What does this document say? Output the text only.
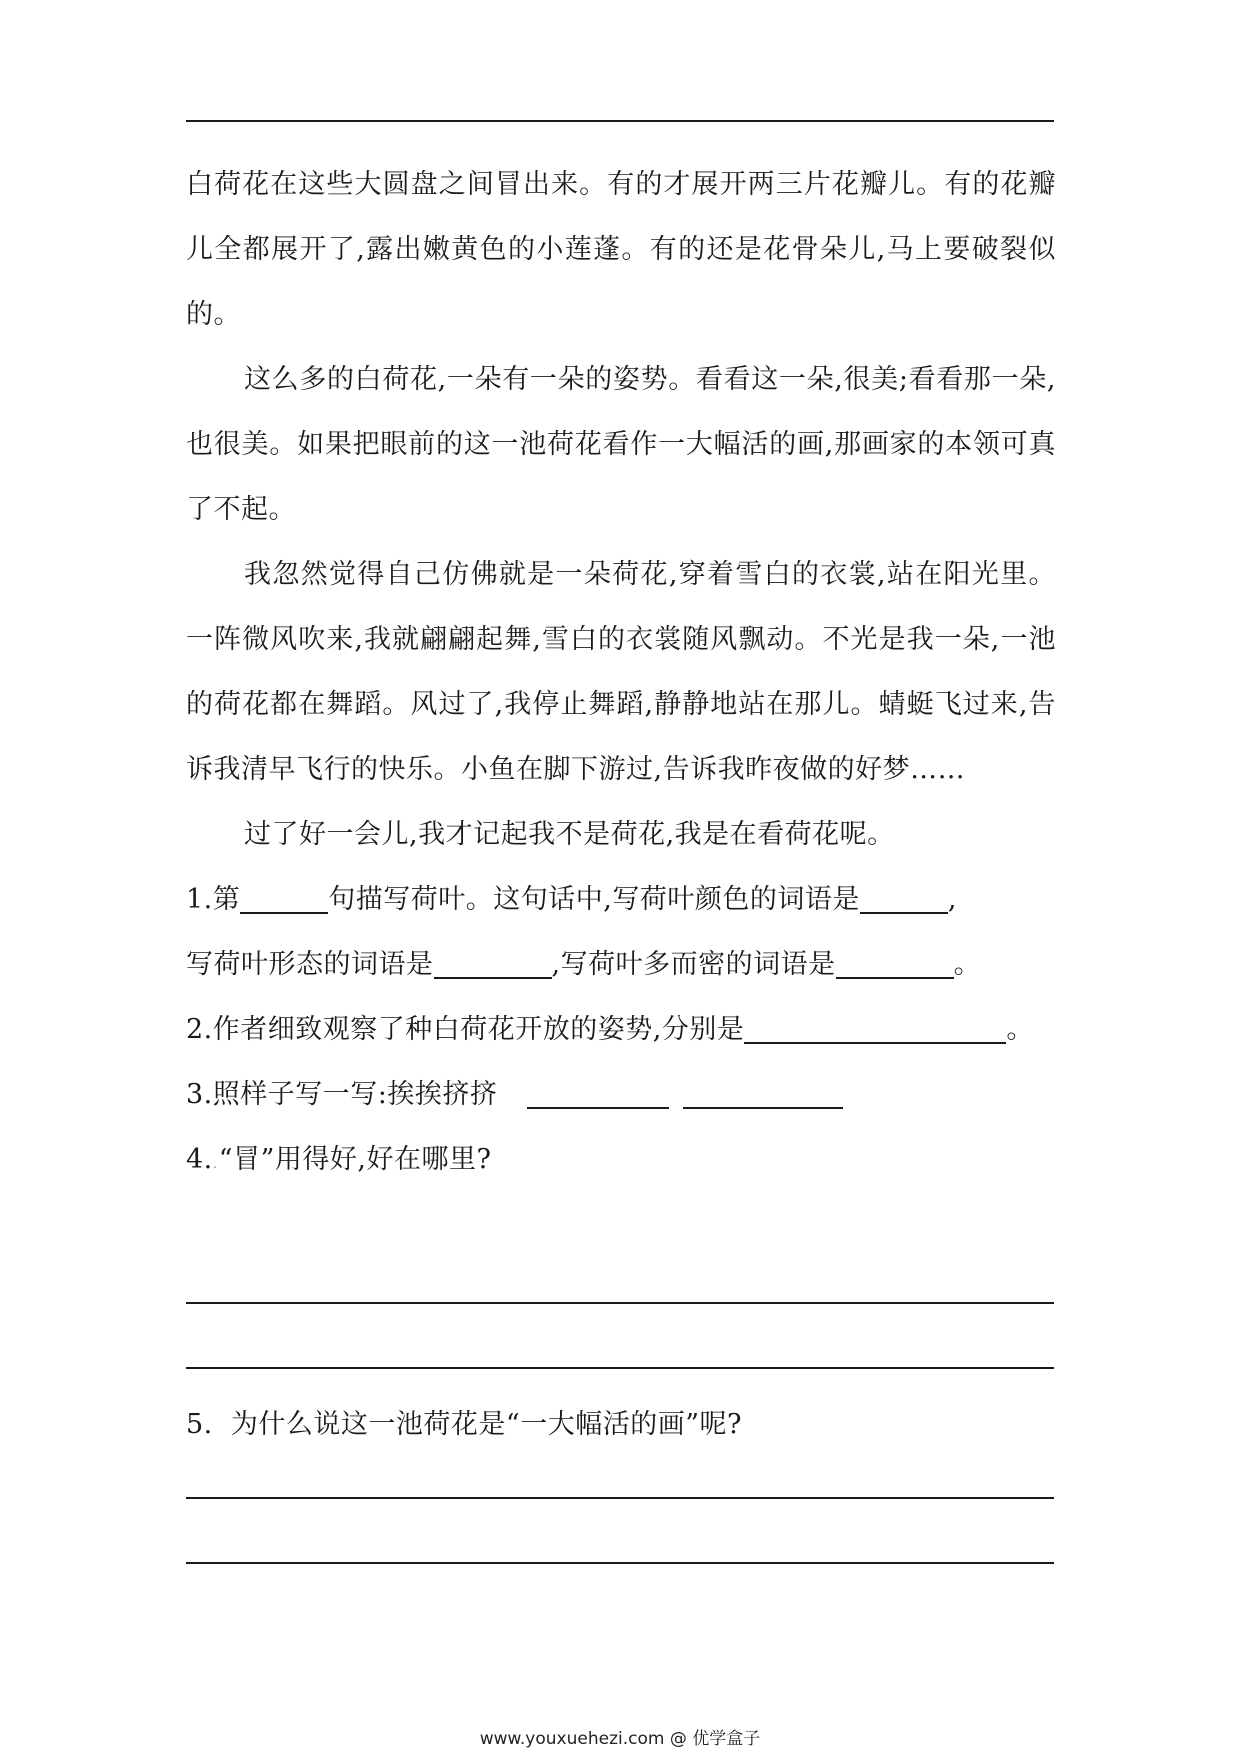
白荷花在这些大圆盘之间冒出来。有的才展开两三片花瓣儿。有的花瓣儿全都展开了,露出嫩黄色的小莲蓬。有的还是花骨朵儿,马上要破裂似的。

这么多的白荷花,一朵有一朵的姿势。看看这一朵,很美;看看那一朵,也很美。如果把眼前的这一池荷花看作一大幅活的画,那画家的本领可真了不起。

我忽然觉得自己仿佛就是一朵荷花,穿着雪白的衣裳,站在阳光里。一阵微风吹来,我就翩翩起舞,雪白的衣裳随风飘动。不光是我一朵,一池的荷花都在舞蹈。风过了,我停止舞蹈,静静地站在那儿。蜻蜓飞过来,告诉我清早飞行的快乐。小鱼在脚下游过,告诉我昨夜做的好梦……

过了好一会儿,我才记起我不是荷花,我是在看荷花呢。

1.第	句描写荷叶。这句话中,写荷叶颜色的词语是	,

写荷叶形态的词语是	,写荷叶多而密的词语是	。

2.作者细致观察了种白荷花开放的姿势,分别是	。

3.照样子写一写:挨挨挤挤

4..“冒”用得好,好在哪里?

5.  为什么说这一池荷花是“一大幅活的画”呢?
www.youxuehezi.com @ 优学盒子
